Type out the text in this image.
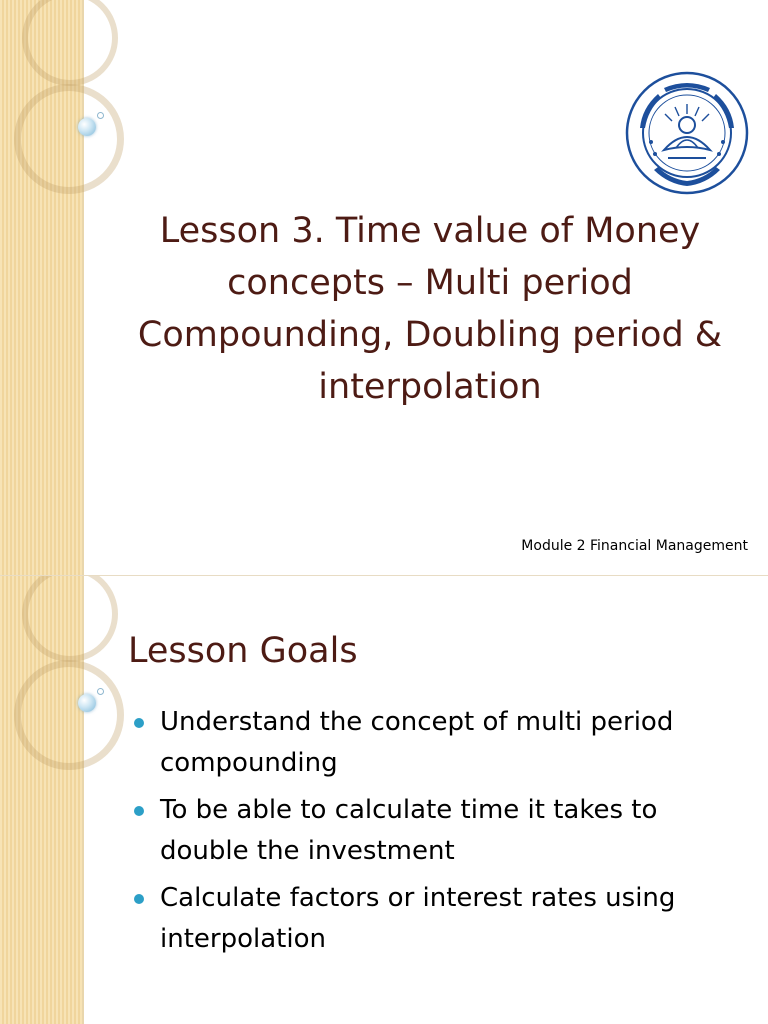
Lesson 3. Time value of Money concepts – Multi period Compounding, Doubling period & interpolation
Module 2 Financial Management
Lesson Goals
Understand the concept of multi period compounding
To be able to calculate time it takes to double the investment
Calculate factors or interest rates using interpolation
